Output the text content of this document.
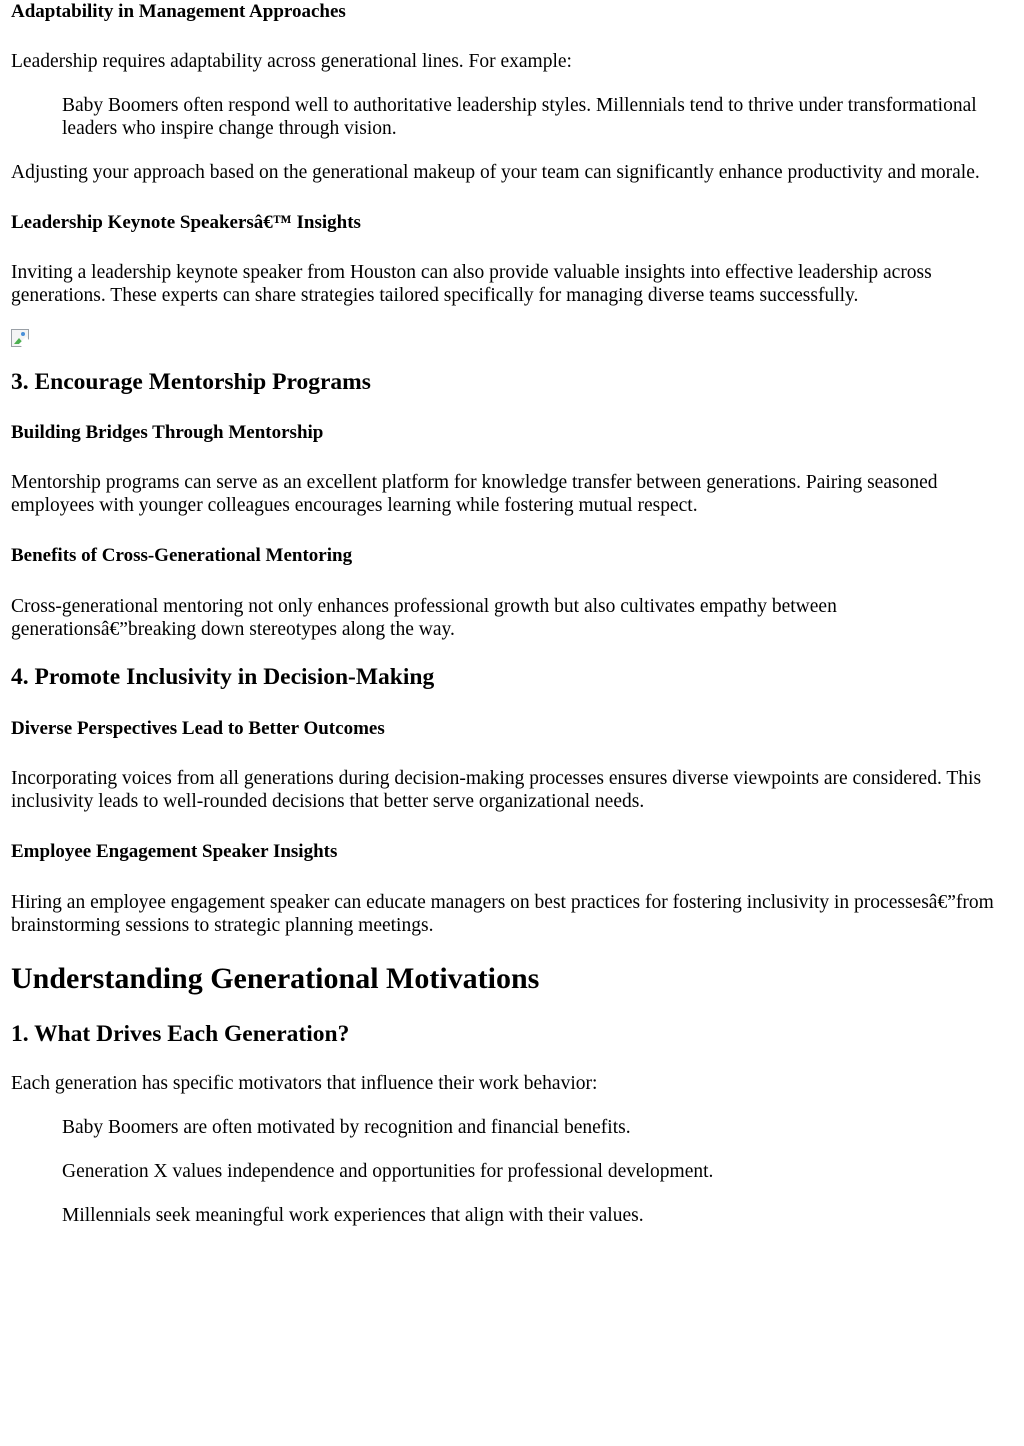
Adaptability in Management Approaches

Leadership requires adaptability across generational lines. For example:

Baby Boomers often respond well to authoritative leadership styles. Millennials tend to thrive under transformational leaders who inspire change through vision.

Adjusting your approach based on the generational makeup of your team can significantly enhance productivity and morale.

Leadership Keynote Speakersâ€™ Insights

Inviting a leadership keynote speaker from Houston can also provide valuable insights into effective leadership across generations. These experts can share strategies tailored specifically for managing diverse teams successfully.

3. Encourage Mentorship Programs
Building Bridges Through Mentorship

Mentorship programs can serve as an excellent platform for knowledge transfer between generations. Pairing seasoned employees with younger colleagues encourages learning while fostering mutual respect.

Benefits of Cross-Generational Mentoring

Cross-generational mentoring not only enhances professional growth but also cultivates empathy between generationsâ€”breaking down stereotypes along the way.

4. Promote Inclusivity in Decision-Making
Diverse Perspectives Lead to Better Outcomes

Incorporating voices from all generations during decision-making processes ensures diverse viewpoints are considered. This inclusivity leads to well-rounded decisions that better serve organizational needs.

Employee Engagement Speaker Insights

Hiring an employee engagement speaker can educate managers on best practices for fostering inclusivity in processesâ€”from brainstorming sessions to strategic planning meetings.

Understanding Generational Motivations
1. What Drives Each Generation?

Each generation has specific motivators that influence their work behavior:

Baby Boomers are often motivated by recognition and financial benefits.

Generation X values independence and opportunities for professional development.

Millennials seek meaningful work experiences that align with their values.
